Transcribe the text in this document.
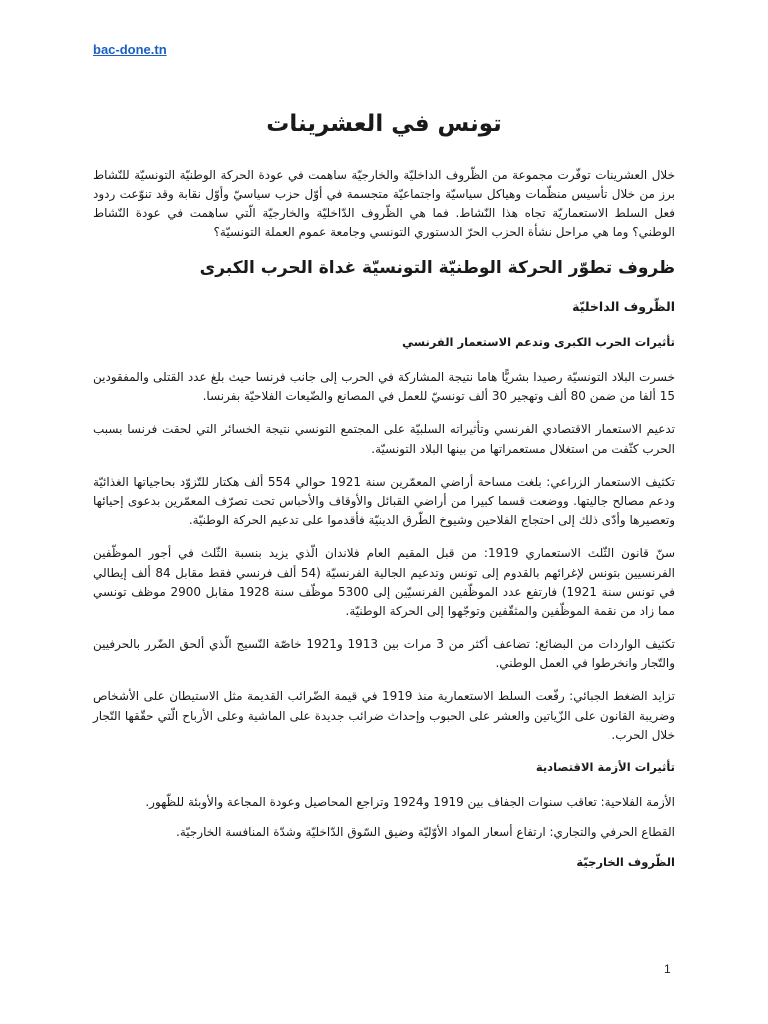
bac-done.tn
تونس في العشرينات

خلال العشرينات توفّرت مجموعة من الظّروف الداخليّة والخارجيّة ساهمت في عودة الحركة الوطنيّة التونسيّة للنّشاط برز من خلال تأسيس منظّمات وهياكل سياسيّة واجتماعيّة متجسمة في أوّل حزب سياسيّ وأوّل نقابة وقد تنوّعت ردود فعل السلط الاستعماريّة تجاه هذا النّشاط. فما هي الظّروف الدّاخليّة والخارجيّة الّتي ساهمت في عودة النّشاط الوطني؟ وما هي مراحل نشأة الحزب الحرّ الدستوري التونسي وجامعة عموم العملة التونسيّة؟

ظروف تطوّر الحركة الوطنيّة التونسيّة غداة الحرب الكبرى
الظّروف الداخليّة
تأثيرات الحرب الكبرى وتدعم الاستعمار الفرنسي

خسرت البلاد التونسيّة رصيدا بشريًّا هاما نتيجة المشاركة في الحرب إلى جانب فرنسا حيث بلغ عدد القتلى والمفقودين 15 ألفا من ضمن 80 ألف وتهجير 30 ألف تونسيّ للعمل في المصانع والضّيعات الفلاحيّة بفرنسا.

تدعيم الاستعمار الاقتصادي الفرنسي وتأثيراته السلبيّة على المجتمع التونسي نتيجة الخسائر التي لحقت فرنسا بسبب الحرب كثّفت من استغلال مستعمراتها من بينها البلاد التونسيّة.

تكثيف الاستعمار الزراعي: بلغت مساحة أراضي المعمّرين سنة 1921 حوالي 554 ألف هكتار للتّزوّد بحاجياتها الغذائيّة ودعم مصالح جاليتها. ووضعت قسما كبيرا من أراضي القبائل والأوقاف والأحباس تحت تصرّف المعمّرين بدعوى إحيائها وتعصيرها وأدّى ذلك إلى احتجاج الفلاحين وشيوخ الطّرق الدينيّة فأقدموا على تدعيم الحركة الوطنيّة.

سنّ قانون الثّلث الاستعماري 1919: من قبل المقيم العام فلاندان الّذي يزيد بنسبة الثّلث في أجور الموظّفين الفرنسيين بتونس لإغرائهم بالقدوم إلى تونس وتدعيم الجالية الفرنسيّة (54 ألف فرنسي فقط مقابل 84 ألف إيطالي في تونس سنة 1921) فارتفع عدد الموظّفين الفرنسيّين إلى 5300 موظّف سنة 1928 مقابل 2900 موظف تونسي مما زاد من نقمة الموظّفين والمثقّفين وتوجّهوا إلى الحركة الوطنيّة.

تكثيف الواردات من البضائع: تضاعف أكثر من 3 مرات بين 1913 و1921 خاصّة النّسيج الّذي ألحق الضّرر بالحرفيين والتّجار وانخرطوا في العمل الوطني.

تزايد الضغط الجبائي: رفّعت السلط الاستعمارية منذ 1919 في قيمة الضّرائب القديمة مثل الاستيطان على الأشخاص وضريبة القانون على الزّياتين والعشر على الحبوب وإحداث ضرائب جديدة على الماشية وعلى الأرباح الّتي حقّقها التّجار خلال الحرب.

تأثيرات الأزمة الاقتصادية

الأزمة الفلاحية: تعاقب سنوات الجفاف بين 1919 و1924 وتراجع المحاصيل وعودة المجاعة والأوبئة للظّهور.

القطاع الحرفي والتجاري: ارتفاع أسعار المواد الأوّليّة وضيق السّوق الدّاخليّة وشدّة المنافسة الخارجيّة.

الظّروف الخارجيّة
1
